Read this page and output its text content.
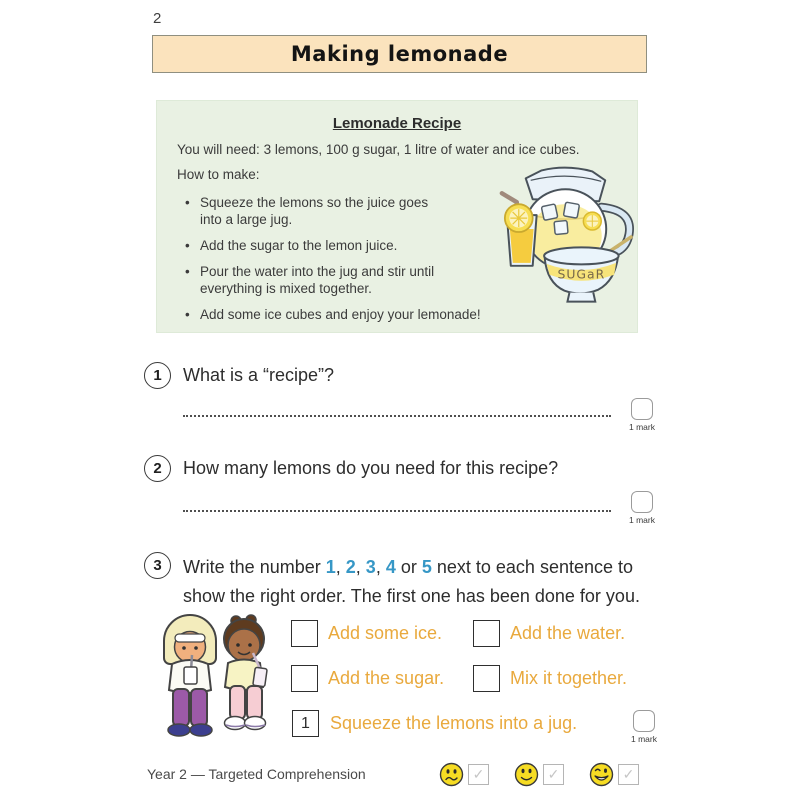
2
Making lemonade
Lemonade Recipe
You will need: 3 lemons, 100 g sugar, 1 litre of water and ice cubes.
How to make:
• Squeeze the lemons so the juice goes
into a large jug.
• Add the sugar to the lemon juice.
• Pour the water into the jug and stir until
everything is mixed together.
• Add some ice cubes and enjoy your lemonade!
SUGaR
1	What is a “recipe”?
1 mark
2	How many lemons do you need for this recipe?
1 mark
3	Write the number 1, 2, 3, 4 or 5 next to each sentence to show the right order. The first one has been done for you.

Add some ice.	Add the water.
Add the sugar.	Mix it together.
1	Squeeze the lemons into a jug.
1 mark
Year 2 — Targeted Comprehension	✓	✓	✓
